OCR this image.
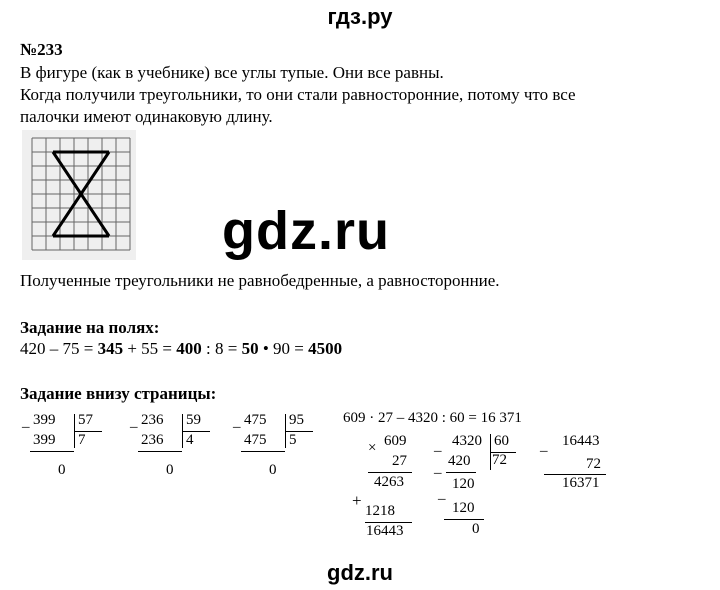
гдз.ру
№233
В фигуре (как в учебнике) все углы тупые. Они все равны.
Когда получили треугольники, то они стали равносторонние, потому что все
палочки имеют одинаковую длину.
gdz.ru
Полученные треугольники не равнобедренные, а равносторонние.
Задание на полях:
420 – 75 = 345 + 55 = 400 : 8 = 50 • 90 = 4500
Задание внизу страницы:
_ 399 57
399 7
0
_ 236 59
236 4
0
_ 475 95
475 5
0
609 · 27 – 4320 : 60 = 16 371
× 609
27
4263
+
1218
16443
_ 4320 60
72
_ 420
120
_
120
0
_ 16443
72
16371
gdz.ru
